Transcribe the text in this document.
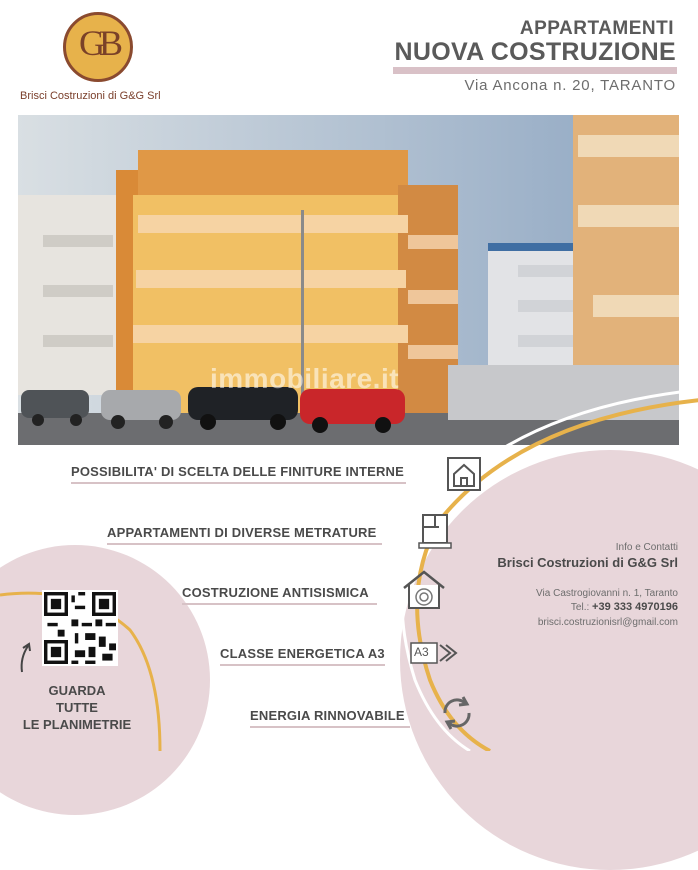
GB
Brisci Costruzioni di G&G Srl
APPARTAMENTI
NUOVA COSTRUZIONE
Via Ancona n. 20, TARANTO
immobiliare.it
POSSIBILITA' DI SCELTA DELLE FINITURE INTERNE
APPARTAMENTI DI DIVERSE METRATURE
COSTRUZIONE ANTISISMICA
CLASSE ENERGETICA A3 A3
ENERGIA RINNOVABILE
GUARDA
TUTTE
LE PLANIMETRIE
Info e Contatti
Brisci Costruzioni di G&G Srl
Via Castrogiovanni n. 1, Taranto
Tel.: +39 333 4970196
brisci.costruzionisrl@gmail.com
